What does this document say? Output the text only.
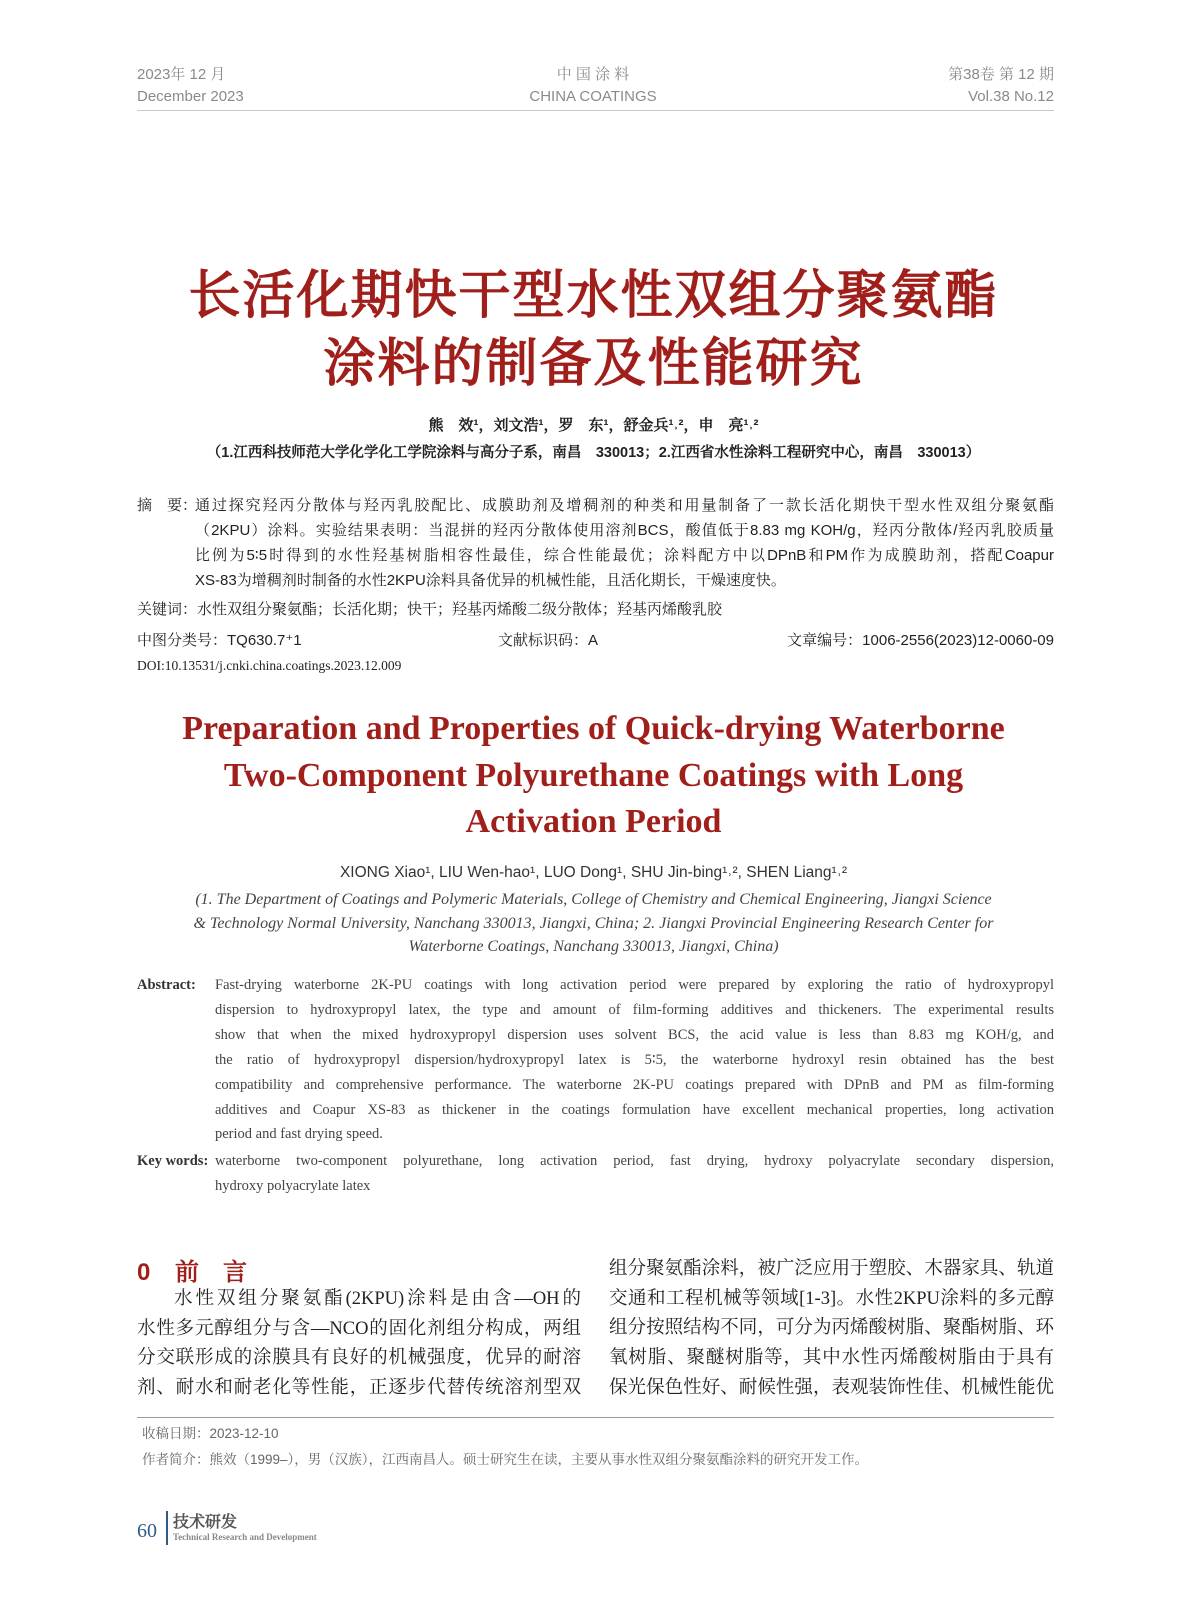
2023年 12 月
December 2023
中 国 涂 料
CHINA COATINGS
第38卷 第 12 期
Vol.38 No.12
长活化期快干型水性双组分聚氨酯
涂料的制备及性能研究
熊　效¹，刘文浩¹，罗　东¹，舒金兵¹˒²，申　亮¹˒²
（1.江西科技师范大学化学化工学院涂料与高分子系，南昌　330013；2.江西省水性涂料工程研究中心，南昌　330013）
摘　要：
通过探究羟丙分散体与羟丙乳胶配比、成膜助剂及增稠剂的种类和用量制备了一款长活化期快干型水性双组分聚氨酯
（2KPU）涂料。实验结果表明：当混拼的羟丙分散体使用溶剂BCS，酸值低于8.83 mg KOH/g，羟丙分散体/羟丙乳胶质量
比例为5∶5时得到的水性羟基树脂相容性最佳，综合性能最优；涂料配方中以DPnB和PM作为成膜助剂，搭配Coapur
XS-83为增稠剂时制备的水性2KPU涂料具备优异的机械性能，且活化期长，干燥速度快。
关键词：水性双组分聚氨酯；长活化期；快干；羟基丙烯酸二级分散体；羟基丙烯酸乳胶
中图分类号：TQ630.7⁺1	文献标识码：A	文章编号：1006-2556(2023)12-0060-09
DOI:10.13531/j.cnki.china.coatings.2023.12.009
Preparation and Properties of Quick-drying Waterborne
Two-Component Polyurethane Coatings with Long
Activation Period
XIONG Xiao¹, LIU Wen-hao¹, LUO Dong¹, SHU Jin-bing¹˒², SHEN Liang¹˒²
(1. The Department of Coatings and Polymeric Materials, College of Chemistry and Chemical Engineering, Jiangxi Science
& Technology Normal University, Nanchang 330013, Jiangxi, China; 2. Jiangxi Provincial Engineering Research Center for
Waterborne Coatings, Nanchang 330013, Jiangxi, China)
Abstract: Fast-drying waterborne 2K-PU coatings with long activation period were prepared by exploring the ratio of hydroxypropyl
dispersion to hydroxypropyl latex, the type and amount of film-forming additives and thickeners. The experimental results
show that when the mixed hydroxypropyl dispersion uses solvent BCS, the acid value is less than 8.83 mg KOH/g, and
the ratio of hydroxypropyl dispersion/hydroxypropyl latex is 5∶5, the waterborne hydroxyl resin obtained has the best
compatibility and comprehensive performance. The waterborne 2K-PU coatings prepared with DPnB and PM as film-forming
additives and Coapur XS-83 as thickener in the coatings formulation have excellent mechanical properties, long activation
period and fast drying speed.
Key words: waterborne two-component polyurethane, long activation period, fast drying, hydroxy polyacrylate secondary dispersion,
hydroxy polyacrylate latex
0 前　言
水性双组分聚氨酯(2KPU)涂料是由含—OH的
水性多元醇组分与含—NCO的固化剂组分构成，两组
分交联形成的涂膜具有良好的机械强度，优异的耐溶
剂、耐水和耐老化等性能，正逐步代替传统溶剂型双
组分聚氨酯涂料，被广泛应用于塑胶、木器家具、轨道
交通和工程机械等领域[1-3]。水性2KPU涂料的多元醇
组分按照结构不同，可分为丙烯酸树脂、聚酯树脂、环
氧树脂、聚醚树脂等，其中水性丙烯酸树脂由于具有
保光保色性好、耐候性强，表观装饰性佳、机械性能优
收稿日期：2023-12-10
作者简介：熊效（1999–），男（汉族），江西南昌人。硕士研究生在读，主要从事水性双组分聚氨酯涂料的研究开发工作。
60 技术研发
Technical Research and Development
